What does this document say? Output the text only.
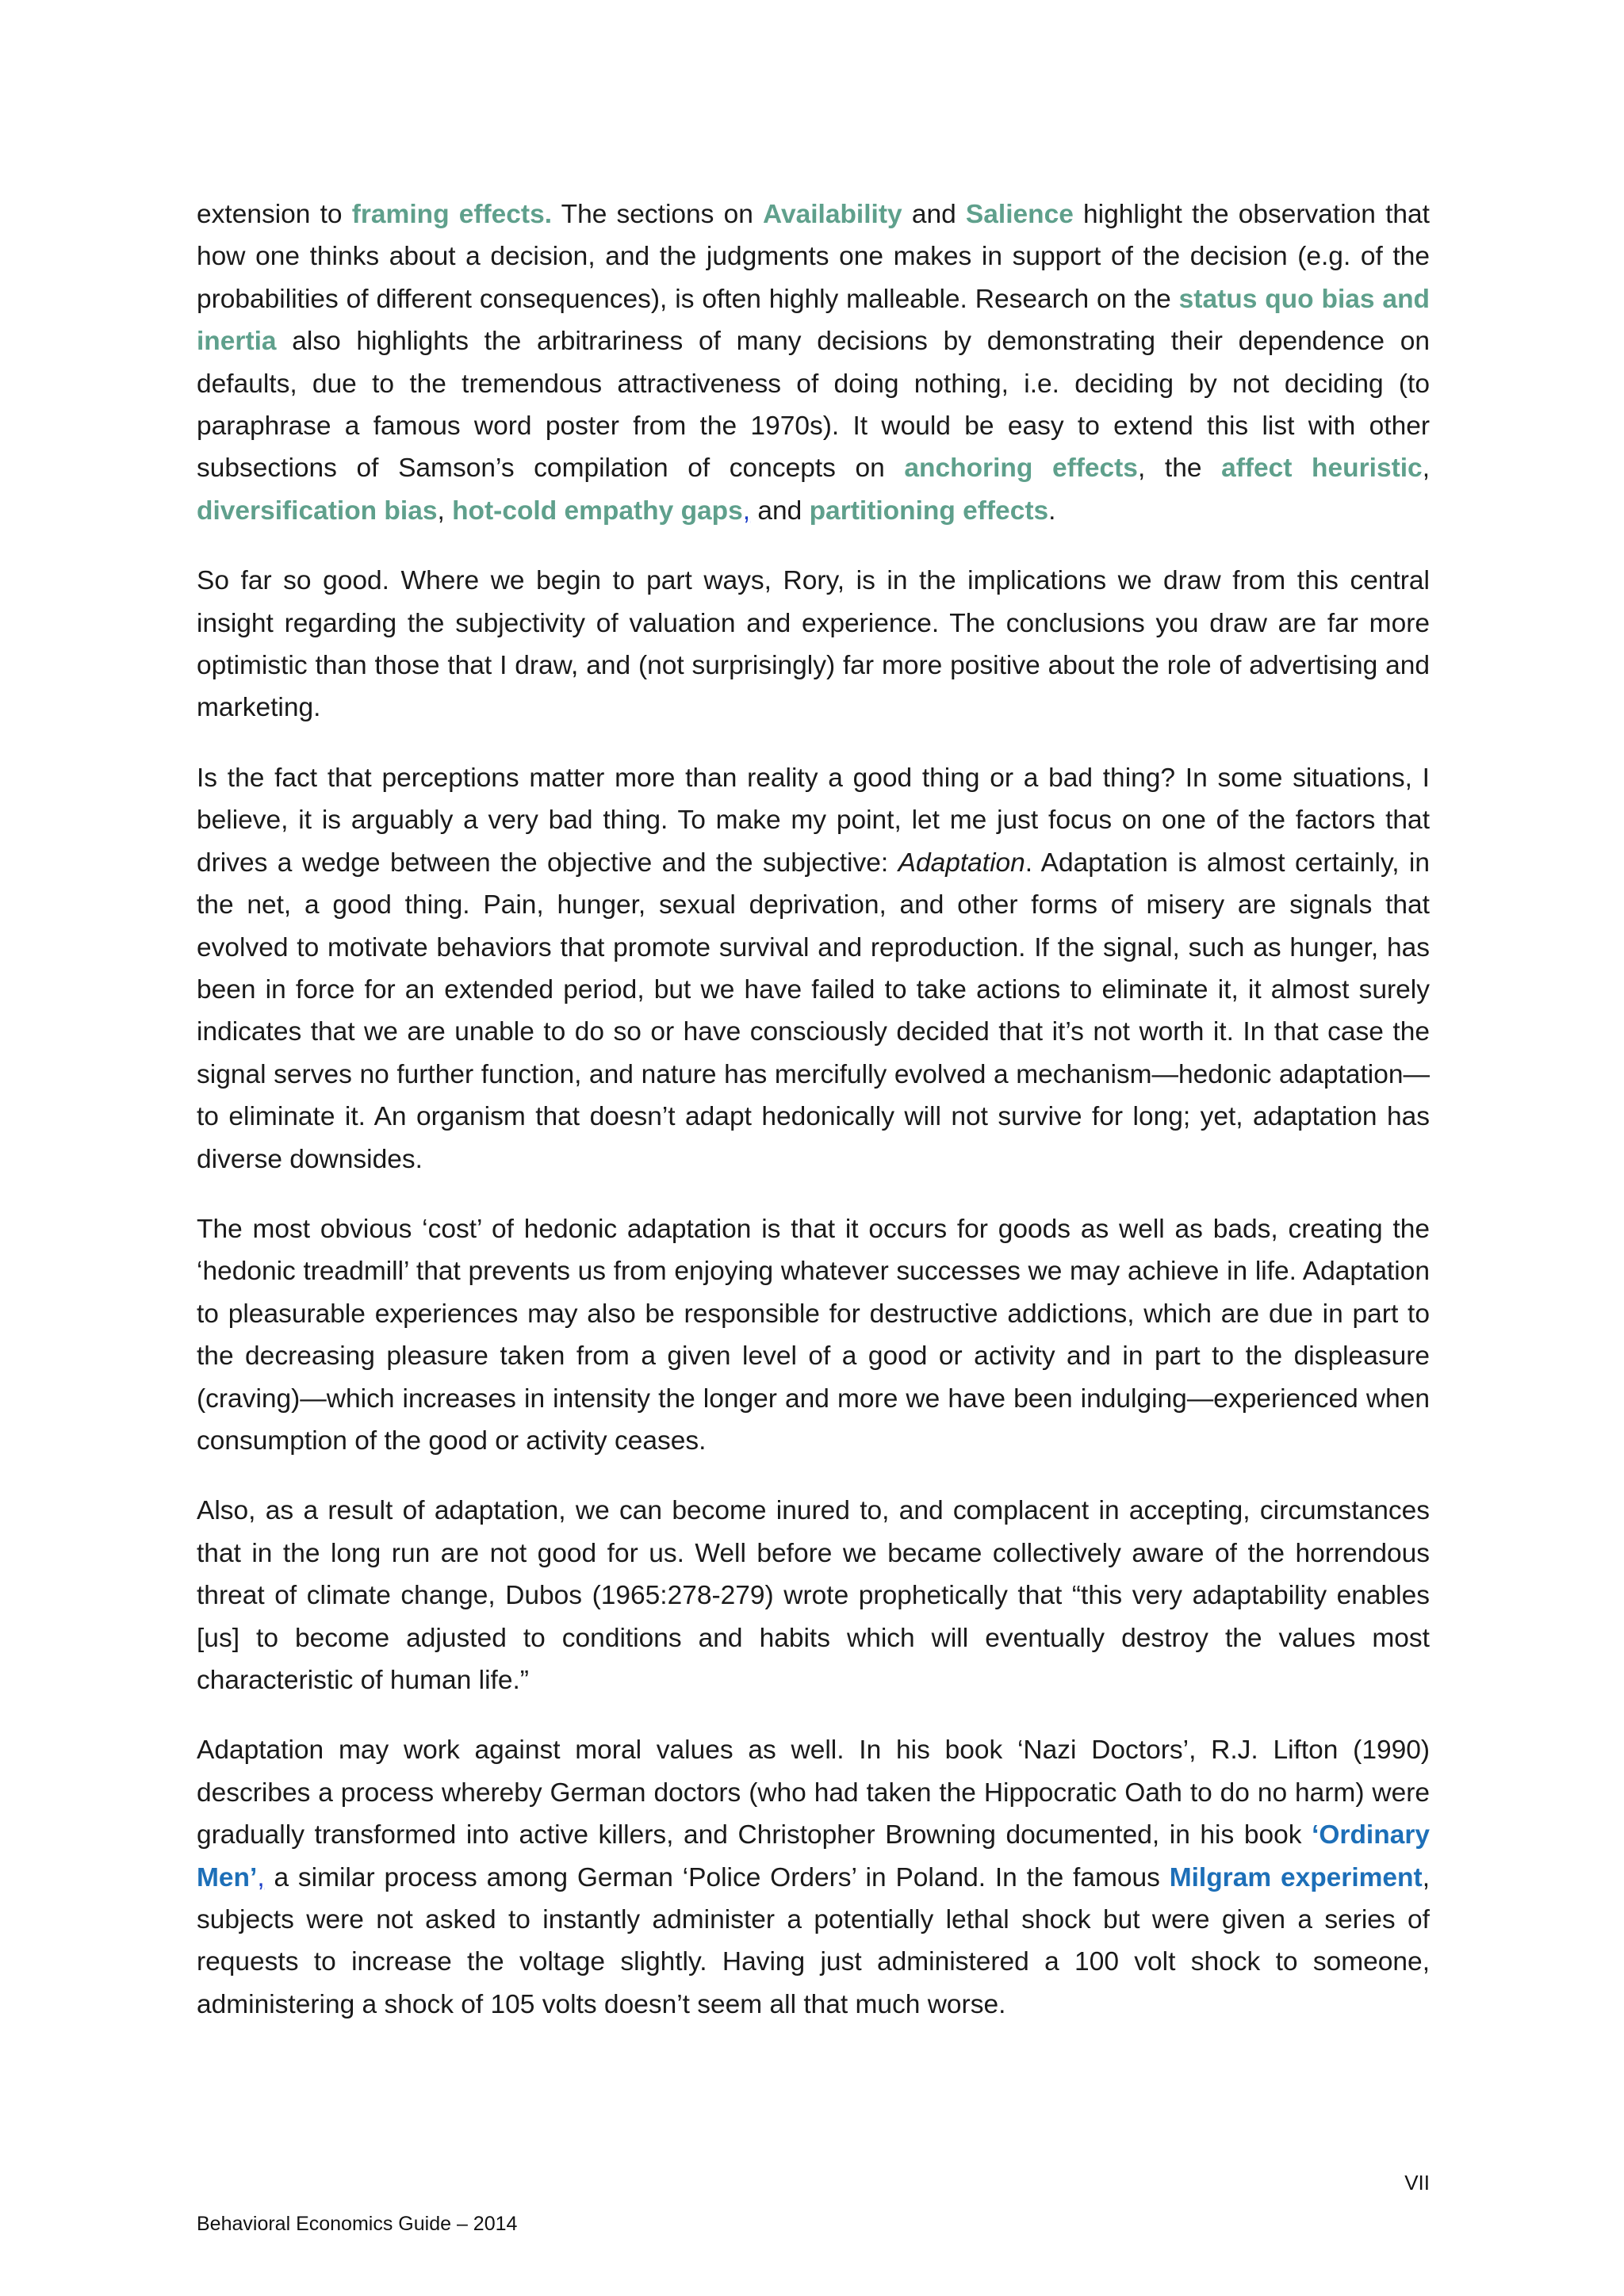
extension to framing effects. The sections on Availability and Salience highlight the observation that how one thinks about a decision, and the judgments one makes in support of the decision (e.g. of the probabilities of different consequences), is often highly malleable. Research on the status quo bias and inertia also highlights the arbitrariness of many decisions by demonstrating their dependence on defaults, due to the tremendous attractiveness of doing nothing, i.e. deciding by not deciding (to paraphrase a famous word poster from the 1970s). It would be easy to extend this list with other subsections of Samson’s compilation of concepts on anchoring effects, the affect heuristic, diversification bias, hot-cold empathy gaps, and partitioning effects.

So far so good. Where we begin to part ways, Rory, is in the implications we draw from this central insight regarding the subjectivity of valuation and experience. The conclusions you draw are far more optimistic than those that I draw, and (not surprisingly) far more positive about the role of advertising and marketing.

Is the fact that perceptions matter more than reality a good thing or a bad thing? In some situations, I believe, it is arguably a very bad thing. To make my point, let me just focus on one of the factors that drives a wedge between the objective and the subjective: Adaptation. Adaptation is almost certainly, in the net, a good thing. Pain, hunger, sexual deprivation, and other forms of misery are signals that evolved to motivate behaviors that promote survival and reproduction. If the signal, such as hunger, has been in force for an extended period, but we have failed to take actions to eliminate it, it almost surely indicates that we are unable to do so or have consciously decided that it’s not worth it. In that case the signal serves no further function, and nature has mercifully evolved a mechanism—hedonic adaptation—to eliminate it. An organism that doesn’t adapt hedonically will not survive for long; yet, adaptation has diverse downsides.

The most obvious ‘cost’ of hedonic adaptation is that it occurs for goods as well as bads, creating the ‘hedonic treadmill’ that prevents us from enjoying whatever successes we may achieve in life. Adaptation to pleasurable experiences may also be responsible for destructive addictions, which are due in part to the decreasing pleasure taken from a given level of a good or activity and in part to the displeasure (craving)—which increases in intensity the longer and more we have been indulging—experienced when consumption of the good or activity ceases.

Also, as a result of adaptation, we can become inured to, and complacent in accepting, circumstances that in the long run are not good for us. Well before we became collectively aware of the horrendous threat of climate change, Dubos (1965:278-279) wrote prophetically that “this very adaptability enables [us] to become adjusted to conditions and habits which will eventually destroy the values most characteristic of human life.”

Adaptation may work against moral values as well. In his book ‘Nazi Doctors’, R.J. Lifton (1990) describes a process whereby German doctors (who had taken the Hippocratic Oath to do no harm) were gradually transformed into active killers, and Christopher Browning documented, in his book ‘Ordinary Men’, a similar process among German ‘Police Orders’ in Poland. In the famous Milgram experiment, subjects were not asked to instantly administer a potentially lethal shock but were given a series of requests to increase the voltage slightly. Having just administered a 100 volt shock to someone, administering a shock of 105 volts doesn’t seem all that much worse.

VII
Behavioral Economics Guide – 2014
